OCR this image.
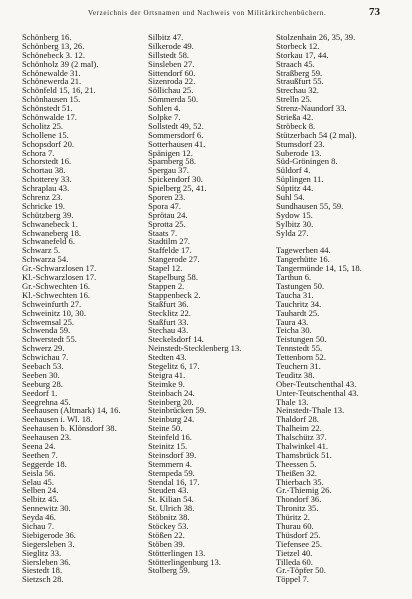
Verzeichnis der Ortsnamen und Nachweis von Militärkirchenbüchern.	73
Schönberg 16.
Schönberg 13, 26.
Schönebeck 3. 12.
Schönholz 39 (2 mal).
Schönewalde 31.
Schönewerda 21.
Schönfeld 15, 16, 21.
Schönhausen 15.
Schönstedt 51.
Schönwalde 17.
Scholitz 25.
Schollene 15.
Schopsdorf 20.
Schora 7.
Schorstedt 16.
Schortau 38.
Schotterey 33.
Schraplau 43.
Schrenz 23.
Schricke 19.
Schützberg 39.
Schwanebeck 1.
Schwaneberg 18.
Schwanefeld 6.
Schwarz 5.
Schwarza 54.
Gr.-Schwarzlosen 17.
Kl.-Schwarzlosen 17.
Gr.-Schwechten 16.
Kl.-Schwechten 16.
Schweinfurth 27.
Schweinitz 10, 30.
Schwemsal 25.
Schwenda 59.
Schwerstedt 55.
Schwerz 29.
Schwichau 7.
Seebach 53.
Seeben 30.
Seeburg 28.
Seedorf 1.
Seegrehna 45.
Seehausen (Altmark) 14, 16.
Seehausen i. Wl. 18.
Seehausen b. Klönsdorf 38.
Seehausen 23.
Seena 24.
Seethen 7.
Seggerde 18.
Seisla 56.
Selau 45.
Selben 24.
Selbitz 45.
Sennewitz 30.
Seyda 46.
Sichau 7.
Siebigerode 36.
Siegersleben 3.
Sieglitz 33.
Siersleben 36.
Siestedt 18.
Sietzsch 28.
Silbitz 47.
Silkerode 49.
Sillstedt 58.
Sinsleben 27.
Sittendorf 60.
Sizenroda 22.
Söllichau 25.
Sömmerda 50.
Sohlen 4.
Solpke 7.
Sollstedt 49, 52.
Sommersdorf 6.
Sotterhausen 41.
Spänigen 12.
Sparnberg 58.
Spergau 37.
Spickendorf 30.
Spielberg 25, 41.
Sporen 23.
Spora 47.
Sprötau 24.
Sprotta 25.
Staats 7.
Stadtilm 27.
Staffelde 17.
Stangerode 27.
Stapel 12.
Stapelburg 58.
Stappen 2.
Stappenbeck 2.
Staßfurt 36.
Stecklitz 22.
Staßfurt 33.
Stechau 43.
Steckelsdorf 14.
Neinstedt-Stecklenberg 13.
Stedten 43.
Stegelitz 6, 17.
Steigra 41.
Steimke 9.
Steinbach 24.
Steinberg 20.
Steinbrücken 59.
Steinburg 24.
Steine 50.
Steinfeld 16.
Steinitz 15.
Steinsdorf 39.
Stemmern 4.
Stempeda 59.
Stendal 16, 17.
Steuden 43.
St. Kilian 54.
St. Ulrich 38.
Stöbnitz 38.
Stöckey 53.
Stößen 22.
Stöben 39.
Stötterlingen 13.
Stötterlingenburg 13.
Stolberg 59.
Stolzenhain 26, 35, 39.
Storbeck 12.
Storkau 17, 44.
Straach 45.
Straßberg 59.
Straußfurt 55.
Strechau 32.
Strelln 25.
Strenz-Naundorf 33.
Strießa 42.
Ströbeck 8.
Stützerbach 54 (2 mal).
Stumsdorf 23.
Suberode 13.
Süd-Gröningen 8.
Süldorf 4.
Süplingen 11.
Süptitz 44.
Suhl 54.
Sundhausen 55, 59.
Sydow 15.
Sylbitz 30.
Sylda 27.
Tagewerben 44.
Tangerhütte 16.
Tangermünde 14, 15, 18.
Tarthun 6.
Tastungen 50.
Taucha 31.
Tauchritz 34.
Tauhardt 25.
Taura 43.
Teicha 30.
Teistungen 50.
Tennstedt 55.
Tettenborn 52.
Teuchern 31.
Teuditz 38.
Ober-Teutschenthal 43.
Unter-Teutschenthal 43.
Thale 13.
Neinstedt-Thale 13.
Thaldorf 28.
Thalheim 22.
Thalschütz 37.
Thalwinkel 41.
Thamsbrück 51.
Theessen 5.
Theißen 32.
Thierbach 35.
Gr.-Thiemig 26.
Thondorf 36.
Thronitz 35.
Thüritz 2.
Thurau 60.
Thüsdorf 25.
Tiefensee 25.
Tietzel 40.
Tilleda 60.
Gr.-Töpfer 50.
Töppel 7.
